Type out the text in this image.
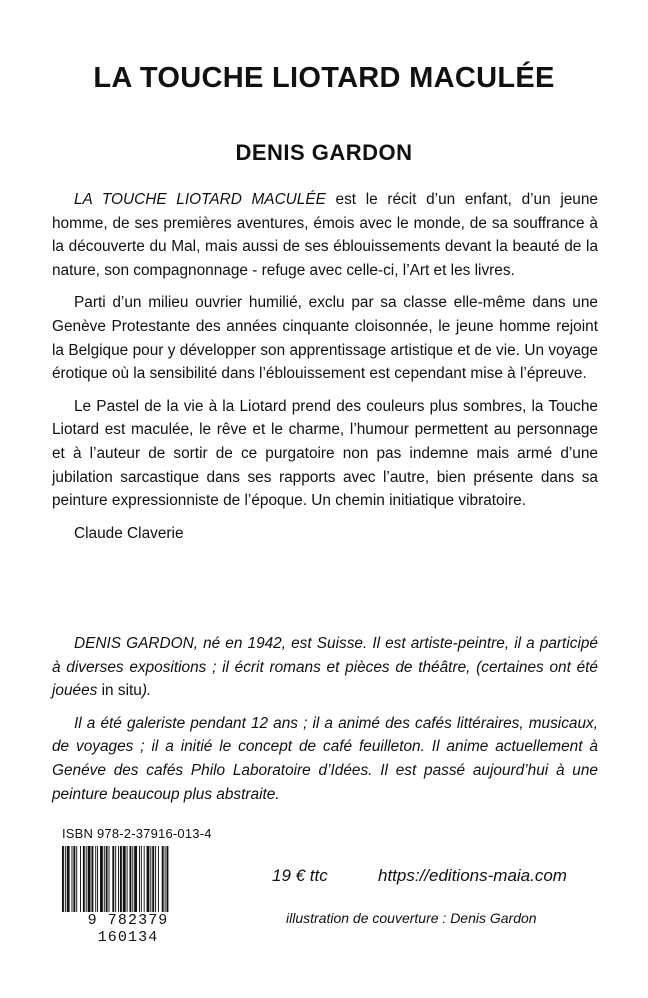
LA TOUCHE LIOTARD MACULÉE
DENIS GARDON

LA TOUCHE LIOTARD MACULÉE est le récit d’un enfant, d’un jeune homme, de ses premières aventures, émois avec le monde, de sa souffrance à la découverte du Mal, mais aussi de ses éblouissements devant la beauté de la nature, son compagnonnage - refuge avec celle-ci, l’Art et les livres.

Parti d’un milieu ouvrier humilié, exclu par sa classe elle-même dans une Genève Protestante des années cinquante cloisonnée, le jeune homme rejoint la Belgique pour y développer son apprentissage artistique et de vie. Un voyage érotique où la sensibilité dans l’éblouissement est cependant mise à l’épreuve.

Le Pastel de la vie à la Liotard prend des couleurs plus sombres, la Touche Liotard est maculée, le rêve et le charme, l’humour permettent au personnage et à l’auteur de sortir de ce purgatoire non pas indemne mais armé d’une jubilation sarcastique dans ses rapports avec l’autre, bien présente dans sa peinture expressionniste de l’époque. Un chemin initiatique vibratoire.

Claude Claverie

DENIS GARDON, né en 1942, est Suisse. Il est artiste-peintre, il a participé à diverses expositions ; il écrit romans et pièces de théâtre, (certaines ont été jouées in situ).

Il a été galeriste pendant 12 ans ; il a animé des cafés littéraires, musicaux, de voyages ; il a initié le concept de café feuilleton. Il anime actuellement à Genéve des cafés Philo Laboratoire d’Idées. Il est passé aujourd’hui à une peinture beaucoup plus abstraite.

ISBN 978-2-37916-013-4
9 782379 160134
19 € ttc	https://editions-maia.com
illustration de couverture : Denis Gardon
